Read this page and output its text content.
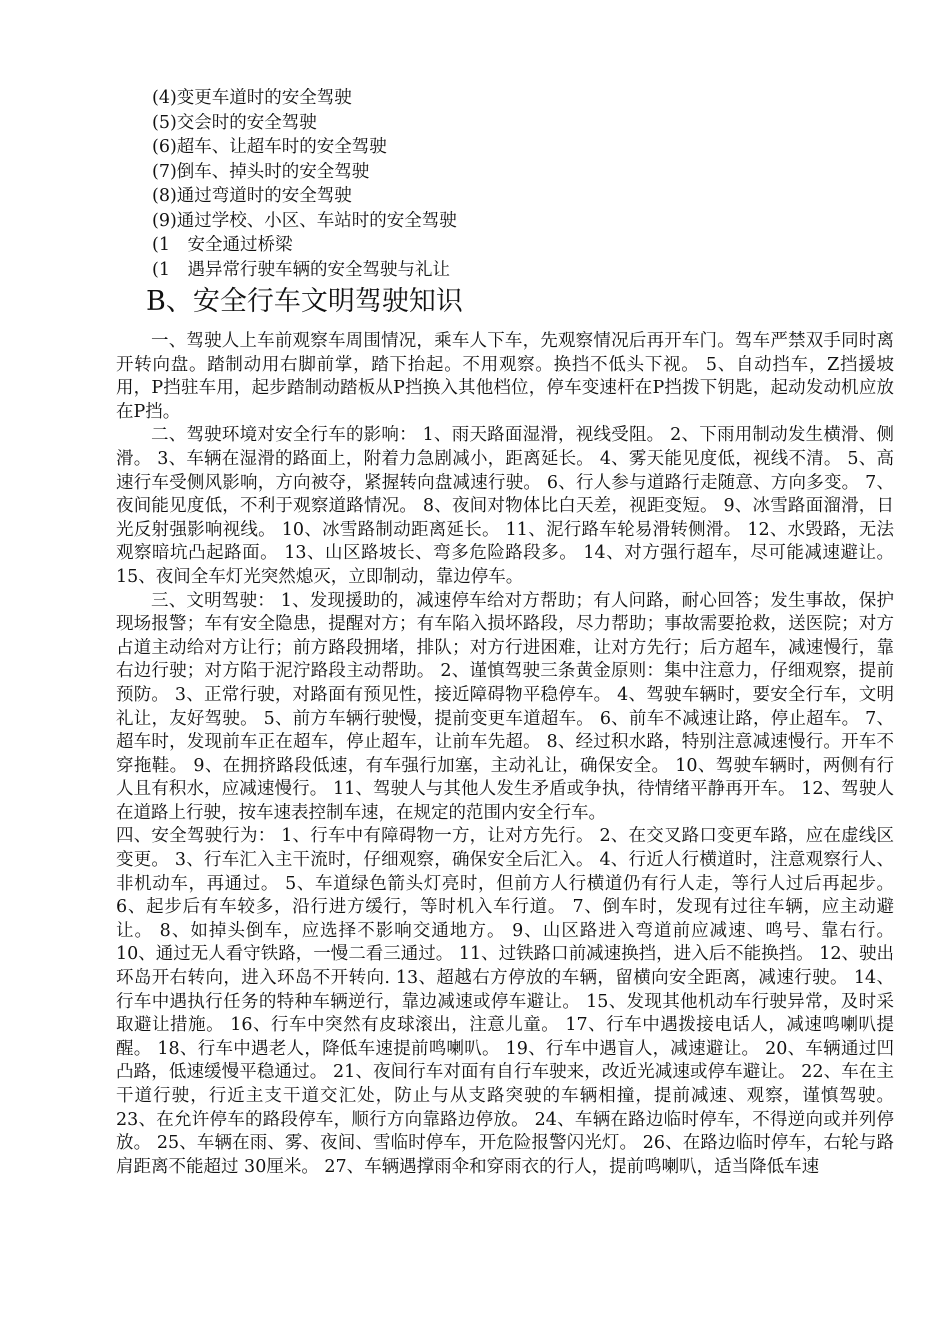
(4)变更车道时的安全驾驶
(5)交会时的安全驾驶
(6)超车、让超车时的安全驾驶
(7)倒车、掉头时的安全驾驶
(8)通过弯道时的安全驾驶
(9)通过学校、小区、车站时的安全驾驶
(1　安全通过桥梁
(1　遇异常行驶车辆的安全驾驶与礼让
B、安全行车文明驾驶知识

一、驾驶人上车前观察车周围情况，乘车人下车，先观察情况后再开车门。驾车严禁双手同时离开转向盘。踏制动用右脚前掌，踏下抬起。不用观察。换挡不低头下视。 5、自动挡车，Z挡援坡用，P挡驻车用，起步踏制动踏板从P挡换入其他档位，停车变速杆在P挡拨下钥匙，起动发动机应放在P挡。

二、驾驶环境对安全行车的影响： 1、雨天路面湿滑，视线受阻。 2、下雨用制动发生横滑、侧滑。 3、车辆在湿滑的路面上，附着力急剧减小，距离延长。 4、雾天能见度低，视线不清。 5、高速行车受侧风影响，方向被夺，紧握转向盘减速行驶。 6、行人参与道路行走随意、方向多变。 7、夜间能见度低，不利于观察道路情况。 8、夜间对物体比白天差，视距变短。 9、冰雪路面溜滑，日光反射强影响视线。 10、冰雪路制动距离延长。 11、泥行路车轮易滑转侧滑。 12、水毁路，无法观察暗坑凸起路面。 13、山区路坡长、弯多危险路段多。 14、对方强行超车，尽可能减速避让。 15、夜间全车灯光突然熄灭，立即制动，靠边停车。

三、文明驾驶： 1、发现援助的，减速停车给对方帮助；有人问路，耐心回答；发生事故，保护现场报警；车有安全隐患，提醒对方；有车陷入损坏路段，尽力帮助；事故需要抢救，送医院；对方占道主动给对方让行；前方路段拥堵，排队；对方行进困难，让对方先行；后方超车，减速慢行，靠右边行驶；对方陷于泥泞路段主动帮助。 2、谨慎驾驶三条黄金原则：集中注意力，仔细观察，提前预防。 3、正常行驶，对路面有预见性，接近障碍物平稳停车。 4、驾驶车辆时，要安全行车，文明礼让，友好驾驶。 5、前方车辆行驶慢，提前变更车道超车。 6、前车不减速让路，停止超车。 7、超车时，发现前车正在超车，停止超车，让前车先超。 8、经过积水路，特别注意减速慢行。开车不穿拖鞋。 9、在拥挤路段低速，有车强行加塞，主动礼让，确保安全。 10、驾驶车辆时，两侧有行人且有积水，应减速慢行。 11、驾驶人与其他人发生矛盾或争执，待情绪平静再开车。 12、驾驶人在道路上行驶，按车速表控制车速，在规定的范围内安全行车。

四、安全驾驶行为： 1、行车中有障碍物一方，让对方先行。 2、在交叉路口变更车路，应在虚线区变更。 3、行车汇入主干流时，仔细观察，确保安全后汇入。 4、行近人行横道时，注意观察行人、非机动车，再通过。 5、车道绿色箭头灯亮时，但前方人行横道仍有行人走，等行人过后再起步。 6、起步后有车较多，沿行进方缓行，等时机入车行道。 7、倒车时，发现有过往车辆，应主动避让。 8、如掉头倒车，应选择不影响交通地方。 9、山区路进入弯道前应减速、鸣号、靠右行。 10、通过无人看守铁路，一慢二看三通过。 11、过铁路口前减速换挡，进入后不能换挡。 12、驶出环岛开右转向，进入环岛不开转向. 13、超越右方停放的车辆，留横向安全距离，减速行驶。 14、行车中遇执行任务的特种车辆逆行，靠边减速或停车避让。 15、发现其他机动车行驶异常，及时采取避让措施。 16、行车中突然有皮球滚出，注意儿童。 17、行车中遇拨接电话人，减速鸣喇叭提醒。 18、行车中遇老人，降低车速提前鸣喇叭。 19、行车中遇盲人，减速避让。 20、车辆通过凹凸路，低速缓慢平稳通过。 21、夜间行车对面有自行车驶来，改近光减速或停车避让。 22、车在主干道行驶，行近主支干道交汇处，防止与从支路突驶的车辆相撞，提前减速、观察，谨慎驾驶。 23、在允许停车的路段停车，顺行方向靠路边停放。 24、车辆在路边临时停车，不得逆向或并列停放。 25、车辆在雨、雾、夜间、雪临时停车，开危险报警闪光灯。 26、在路边临时停车，右轮与路肩距离不能超过 30厘米。 27、车辆遇撑雨伞和穿雨衣的行人，提前鸣喇叭，适当降低车速
